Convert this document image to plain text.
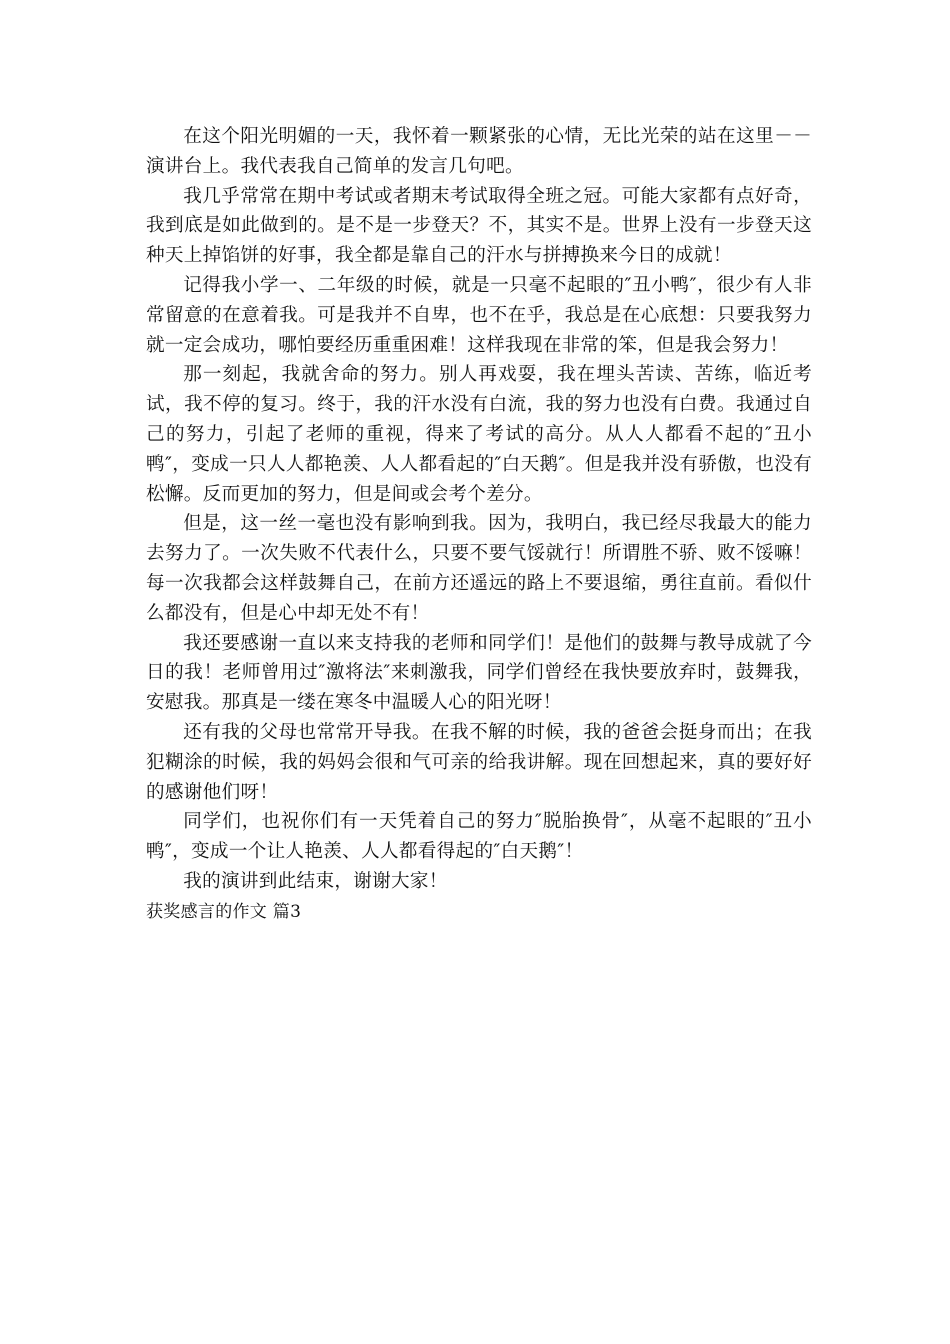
在这个阳光明媚的一天，我怀着一颗紧张的心情，无比光荣的站在这里－－演讲台上。我代表我自己简单的发言几句吧。

我几乎常常在期中考试或者期末考试取得全班之冠。可能大家都有点好奇，我到底是如此做到的。是不是一步登天？不，其实不是。世界上没有一步登天这种天上掉馅饼的好事，我全都是靠自己的汗水与拼搏换来今日的成就！

记得我小学一、二年级的时候，就是一只毫不起眼的″丑小鸭″，很少有人非常留意的在意着我。可是我并不自卑，也不在乎，我总是在心底想：只要我努力就一定会成功，哪怕要经历重重困难！这样我现在非常的笨，但是我会努力！

那一刻起，我就舍命的努力。别人再戏耍，我在埋头苦读、苦练，临近考试，我不停的复习。终于，我的汗水没有白流，我的努力也没有白费。我通过自己的努力，引起了老师的重视，得来了考试的高分。从人人都看不起的″丑小鸭″，变成一只人人都艳羡、人人都看起的″白天鹅″。但是我并没有骄傲，也没有松懈。反而更加的努力，但是间或会考个差分。

但是，这一丝一毫也没有影响到我。因为，我明白，我已经尽我最大的能力去努力了。一次失败不代表什么，只要不要气馁就行！所谓胜不骄、败不馁嘛！每一次我都会这样鼓舞自己，在前方还遥远的路上不要退缩，勇往直前。看似什么都没有，但是心中却无处不有！

我还要感谢一直以来支持我的老师和同学们！是他们的鼓舞与教导成就了今日的我！老师曾用过″激将法″来刺激我，同学们曾经在我快要放弃时，鼓舞我，安慰我。那真是一缕在寒冬中温暖人心的阳光呀！

还有我的父母也常常开导我。在我不解的时候，我的爸爸会挺身而出；在我犯糊涂的时候，我的妈妈会很和气可亲的给我讲解。现在回想起来，真的要好好的感谢他们呀！

同学们，也祝你们有一天凭着自己的努力″脱胎换骨″，从毫不起眼的″丑小鸭″，变成一个让人艳羡、人人都看得起的″白天鹅″！

我的演讲到此结束，谢谢大家！

获奖感言的作文 篇3
